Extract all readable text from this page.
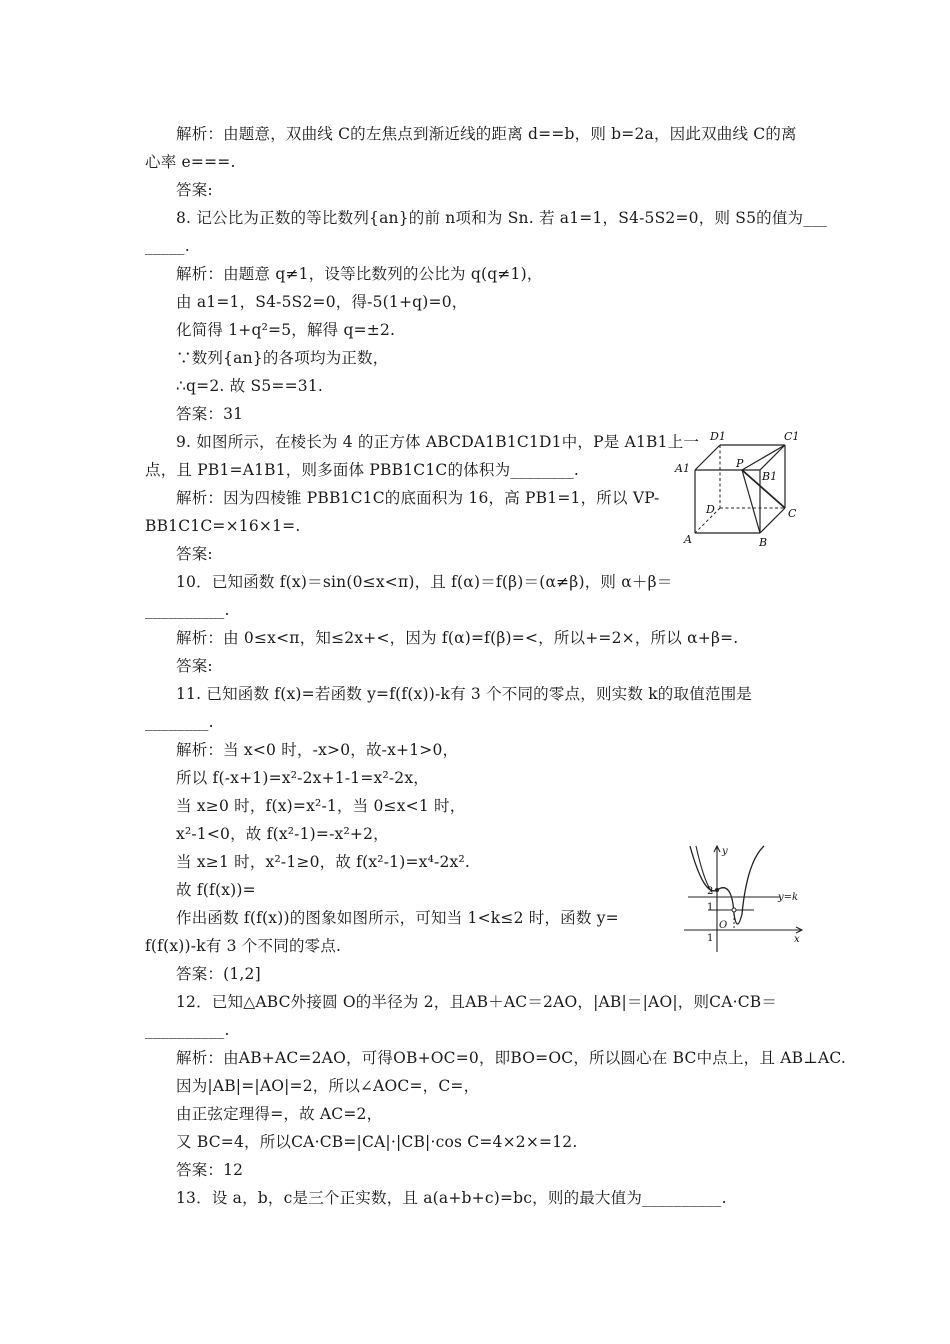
解析：由题意，双曲线 C的左焦点到渐近线的距离 d==b，则 b=2a，因此双曲线 C的离
心率 e===.
答案:
8. 记公比为正数的等比数列{an}的前 n项和为 Sn. 若 a1=1，S4-5S2=0，则 S5的值为___
_____.
解析：由题意 q≠1，设等比数列的公比为 q(q≠1)，
由 a1=1，S4-5S2=0，得-5(1+q)=0，
化简得 1+q²=5，解得 q=±2.
∵数列{an}的各项均为正数，
∴q=2. 故 S5==31.
答案：31
9. 如图所示，在棱长为 4 的正方体 ABCDA1B1C1D1中，P是 A1B1上一
点，且 PB1=A1B1，则多面体 PBB1C1C的体积为________.
解析：因为四棱锥 PBB1C1C的底面积为 16，高 PB1=1，所以 VP-
BB1C1C=×16×1=.
答案:
10．已知函数 f(x)＝sin(0≤x<π)，且 f(α)＝f(β)＝(α≠β)，则 α＋β＝
__________.
解析：由 0≤x<π，知≤2x+<，因为 f(α)=f(β)=<，所以+=2×，所以 α+β=.
答案:
11. 已知函数 f(x)=若函数 y=f(f(x))-k有 3 个不同的零点，则实数 k的取值范围是
________.
解析：当 x<0 时，-x>0，故-x+1>0，
所以 f(-x+1)=x²-2x+1-1=x²-2x，
当 x≥0 时，f(x)=x²-1，当 0≤x<1 时，
x²-1<0，故 f(x²-1)=-x²+2，
当 x≥1 时，x²-1≥0，故 f(x²-1)=x⁴-2x².
故 f(f(x))=
作出函数 f(f(x))的图象如图所示，可知当 1<k≤2 时，函数 y=
f(f(x))-k有 3 个不同的零点.
答案：(1,2]
12．已知△ABC外接圆 O的半径为 2，且AB＋AC＝2AO，|AB|＝|AO|，则CA·CB＝
__________.
解析：由AB+AC=2AO，可得OB+OC=0，即BO=OC，所以圆心在 BC中点上，且 AB⊥AC.
因为|AB|=|AO|=2，所以∠AOC=，C=，
由正弦定理得=，故 AC=2，
又 BC=4，所以CA·CB=|CA|·|CB|·cos C=4×2×=12.
答案：12
13．设 a，b，c是三个正实数，且 a(a+b+c)=bc，则的最大值为__________.
D1	C1
A1	P
B1
D	C
A	B
y
y=k
2
1
O
1	x
